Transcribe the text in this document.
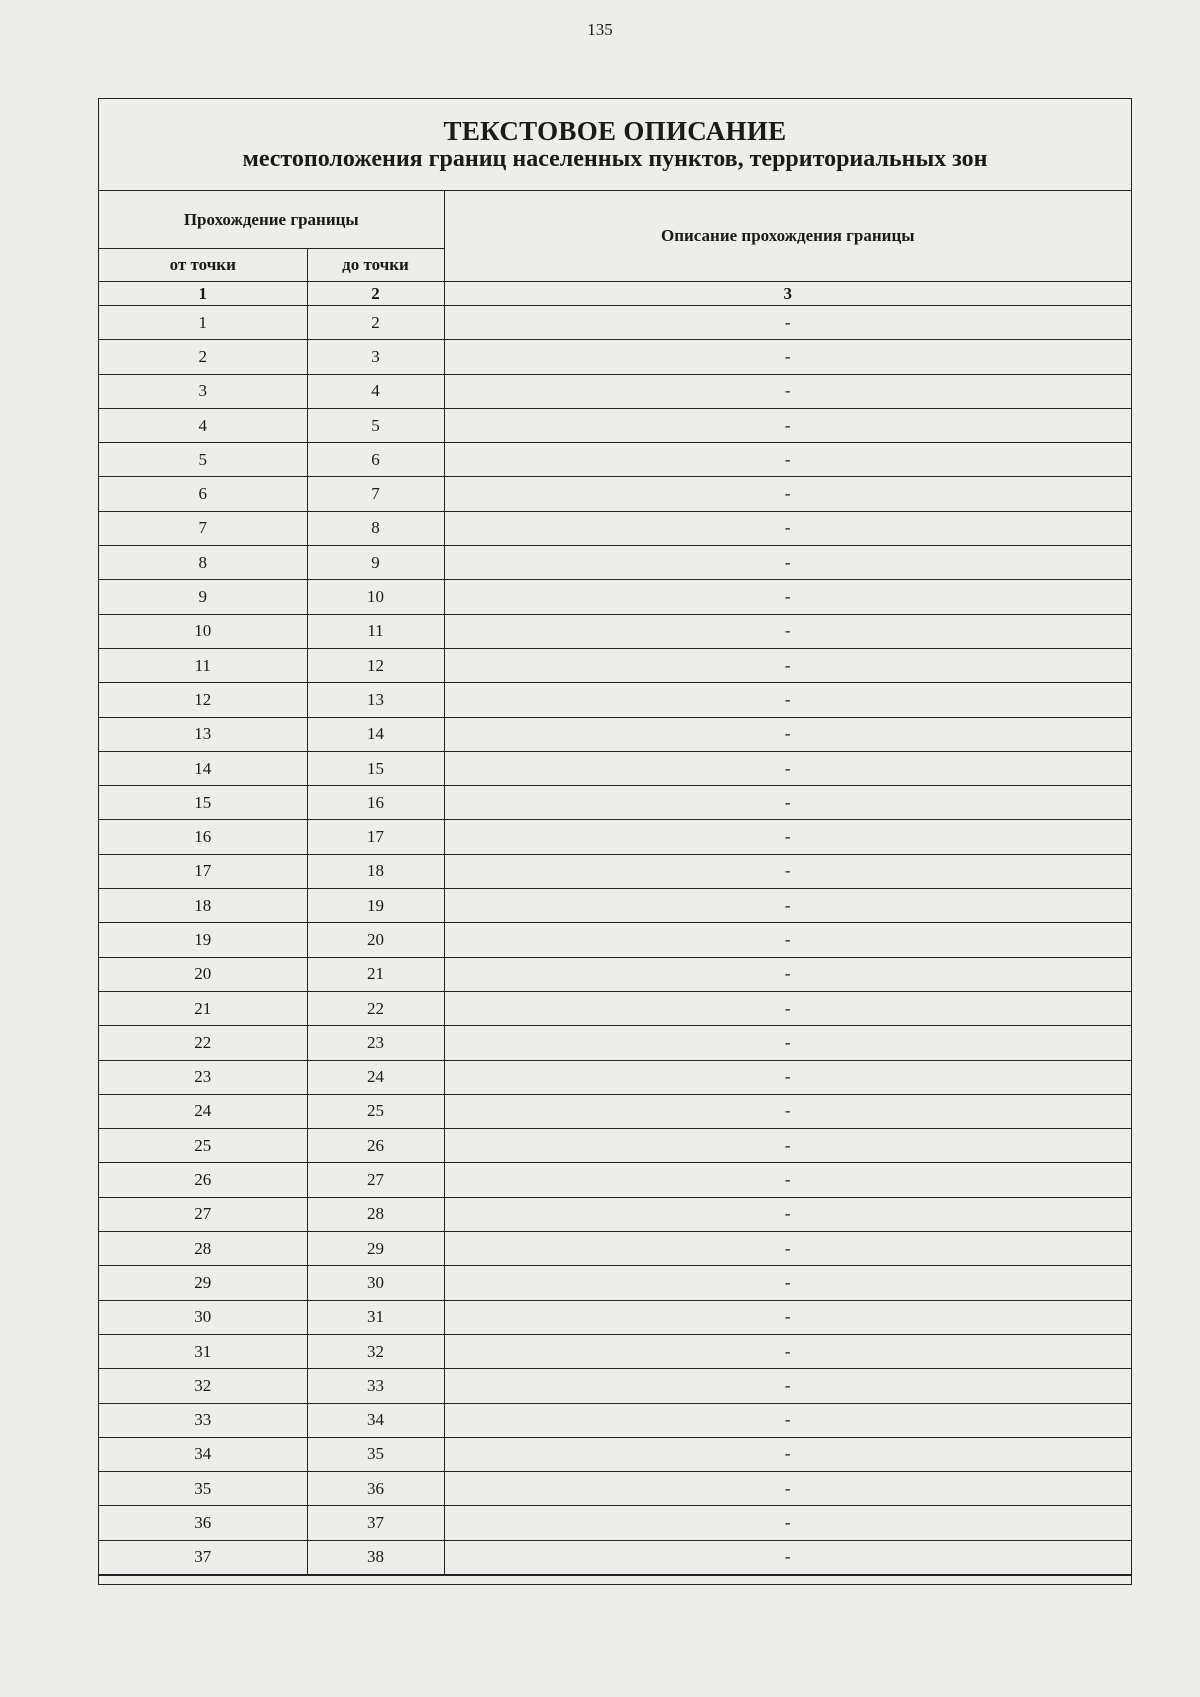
135
ТЕКСТОВОЕ ОПИСАНИЕ
местоположения границ населенных пунктов, территориальных зон
Прохождение границы		Описание прохождения границы
от точки	до точки	
1	2	3
1	2	-
2	3	-
3	4	-
4	5	-
5	6	-
6	7	-
7	8	-
8	9	-
9	10	-
10	11	-
11	12	-
12	13	-
13	14	-
14	15	-
15	16	-
16	17	-
17	18	-
18	19	-
19	20	-
20	21	-
21	22	-
22	23	-
23	24	-
24	25	-
25	26	-
26	27	-
27	28	-
28	29	-
29	30	-
30	31	-
31	32	-
32	33	-
33	34	-
34	35	-
35	36	-
36	37	-
37	38	-
